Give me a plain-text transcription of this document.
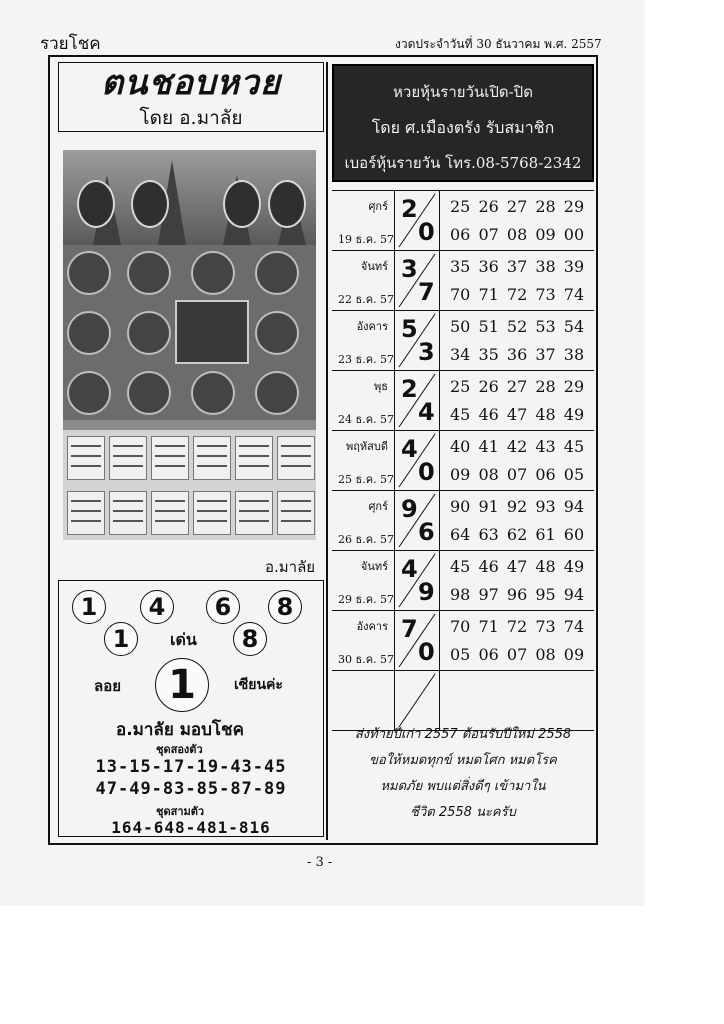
รวยโชค	งวดประจำวันที่ 30 ธันวาคม พ.ศ. 2557
ตนชอบหวย
โดย อ.มาลัย
อ.มาลัย
1	4	6	8
1	เด่น	8
ลอย	1	เซียนค่ะ
อ.มาลัย มอบโชค
ชุดสองตัว
13-15-17-19-43-45
47-49-83-85-87-89
ชุดสามตัว
164-648-481-816
หวยหุ้นรายวันเปิด-ปิด
โดย ศ.เมืองตรัง รับสมาชิก
เบอร์หุ้นรายวัน โทร.08-5768-2342
ศุกร์
19 ธ.ค. 57
2
0
25 26 27 28 29
06 07 08 09 00
จันทร์
22 ธ.ค. 57
3
7
35 36 37 38 39
70 71 72 73 74
อังคาร
23 ธ.ค. 57
5
3
50 51 52 53 54
34 35 36 37 38
พุธ
24 ธ.ค. 57
2
4
25 26 27 28 29
45 46 47 48 49
พฤหัสบดี
25 ธ.ค. 57
4
0
40 41 42 43 45
09 08 07 06 05
ศุกร์
26 ธ.ค. 57
9
6
90 91 92 93 94
64 63 62 61 60
จันทร์
29 ธ.ค. 57
4
9
45 46 47 48 49
98 97 96 95 94
อังคาร
30 ธ.ค. 57
7
0
70 71 72 73 74
05 06 07 08 09
ส่งท้ายปีเก่า 2557 ต้อนรับปีใหม่ 2558
ขอให้หมดทุกข์ หมดโศก หมดโรค
หมดภัย พบแต่สิ่งดีๆ เข้ามาใน
ชีวิต 2558 นะครับ
- 3 -
